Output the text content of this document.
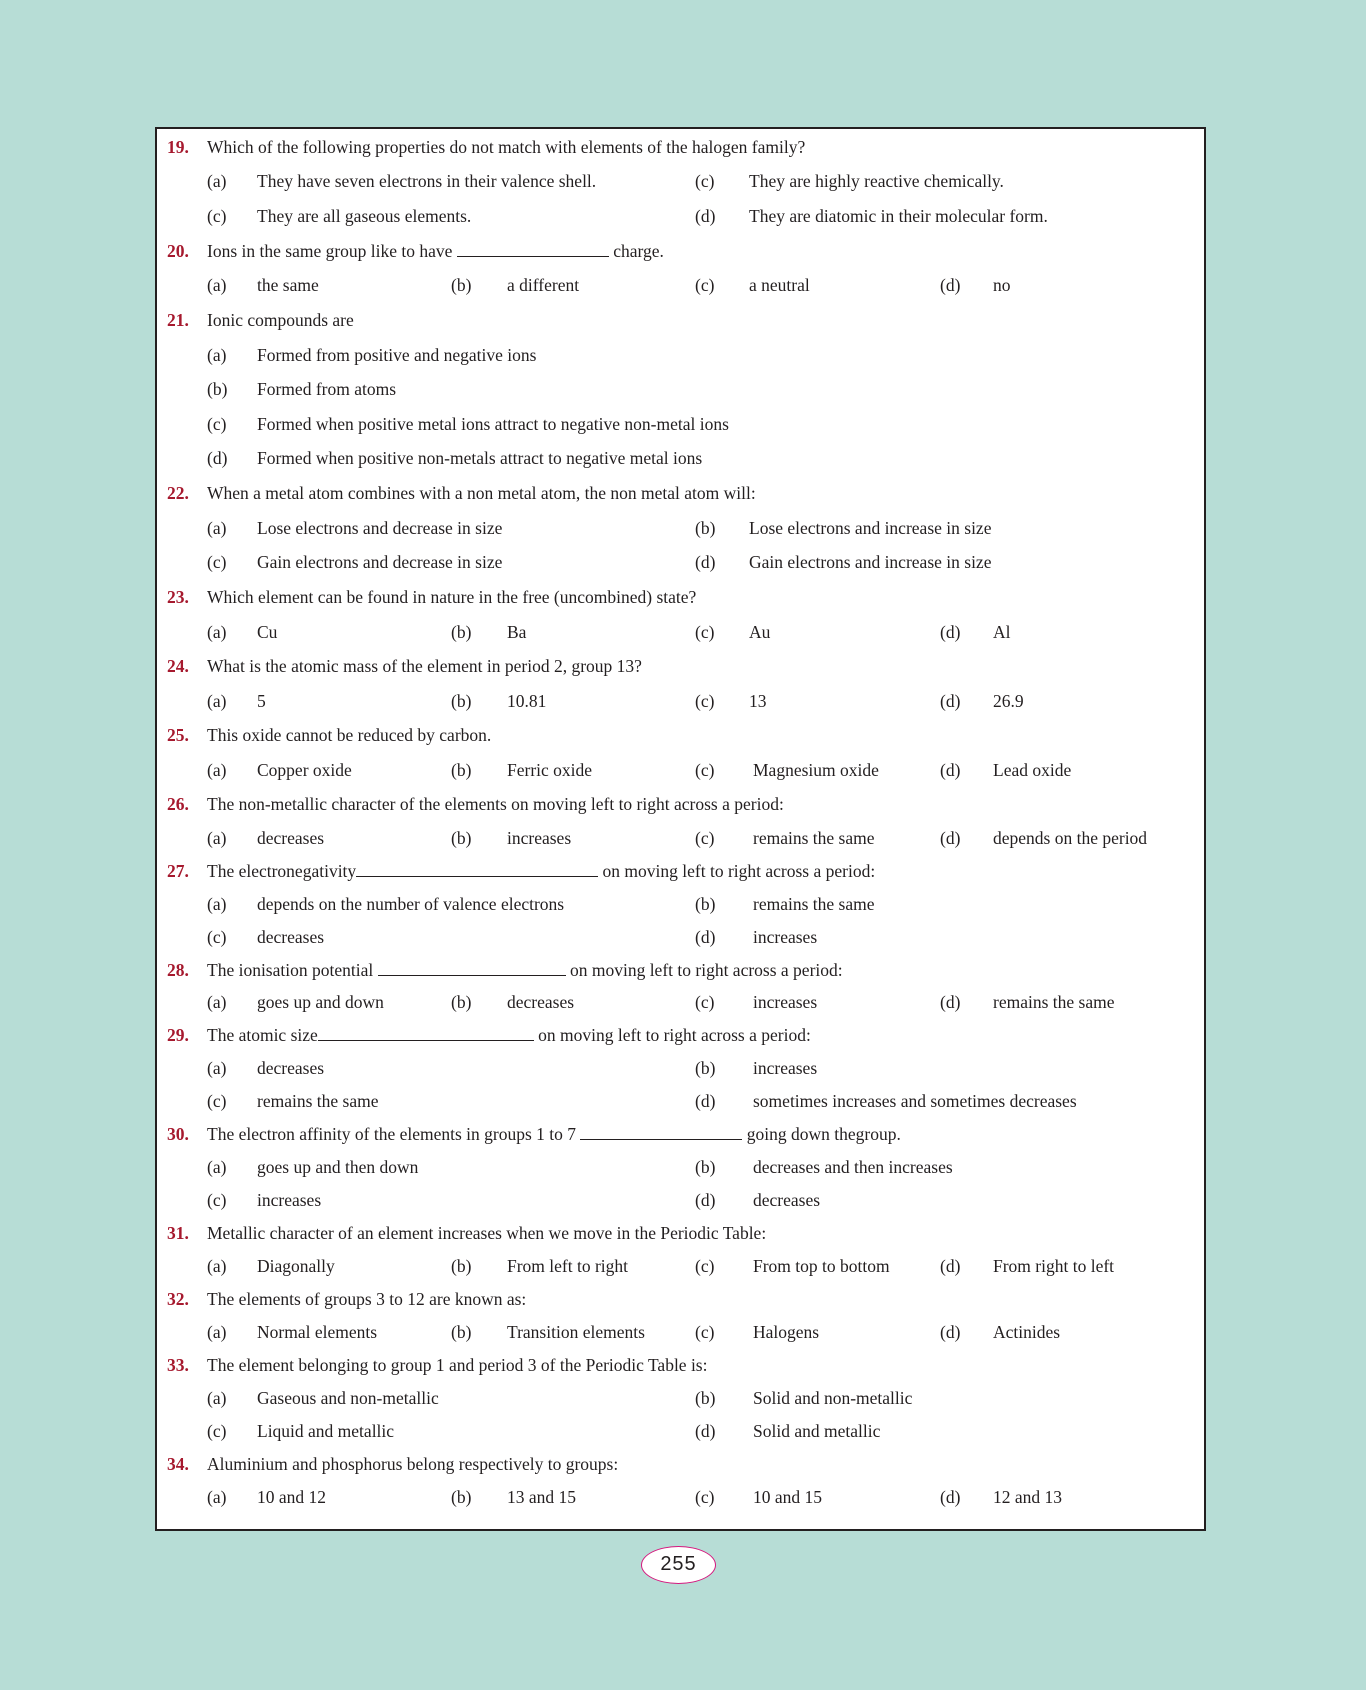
19.	Which of the following properties do not match with elements of the halogen family?
(a) They have seven electrons in their valence shell.	(c) They are highly reactive chemically.
(c) They are all gaseous elements.	(d) They are diatomic in their molecular form.
20.	Ions in the same group like to have	charge.
(a) the same	(b) a different	(c) a neutral	(d) no
21.	Ionic compounds are
(a) Formed from positive and negative ions
(b) Formed from atoms
(c) Formed when positive metal ions attract to negative non-metal ions
(d) Formed when positive non-metals attract to negative metal ions
22.	When a metal atom combines with a non metal atom, the non metal atom will:
(a) Lose electrons and decrease in size	(b) Lose electrons and increase in size
(c) Gain electrons and decrease in size	(d) Gain electrons and increase in size
23.	Which element can be found in nature in the free (uncombined) state?
(a) Cu	(b) Ba	(c) Au	(d) Al
24.	What is the atomic mass of the element in period 2, group 13?
(a) 5	(b) 10.81	(c) 13	(d) 26.9
25.	This oxide cannot be reduced by carbon.
(a) Copper oxide	(b) Ferric oxide	(c) Magnesium oxide	(d) Lead oxide
26.	The non-metallic character of the elements on moving left to right across a period:
(a) decreases	(b) increases	(c) remains the same	(d) depends on the period
27.	The electronegativity	on moving left to right across a period:
(a) depends on the number of valence electrons	(b) remains the same
(c) decreases	(d) increases
28.	The ionisation potential	on moving left to right across a period:
(a) goes up and down	(b) decreases	(c) increases	(d) remains the same
29.	The atomic size	on moving left to right across a period:
(a) decreases	(b) increases
(c) remains the same	(d) sometimes increases and sometimes decreases
30.	The electron affinity of the elements in groups 1 to 7	going down thegroup.
(a) goes up and then down	(b) decreases and then increases
(c) increases	(d) decreases
31.	Metallic character of an element increases when we move in the Periodic Table:
(a) Diagonally	(b) From left to right	(c) From top to bottom	(d) From right to left
32.	The elements of groups 3 to 12 are known as:
(a) Normal elements	(b) Transition elements	(c) Halogens	(d) Actinides
33.	The element belonging to group 1 and period 3 of the Periodic Table is:
(a) Gaseous and non-metallic	(b) Solid and non-metallic
(c) Liquid and metallic	(d) Solid and metallic
34.	Aluminium and phosphorus belong respectively to groups:
(a) 10 and 12	(b) 13 and 15	(c) 10 and 15	(d) 12 and 13
255
